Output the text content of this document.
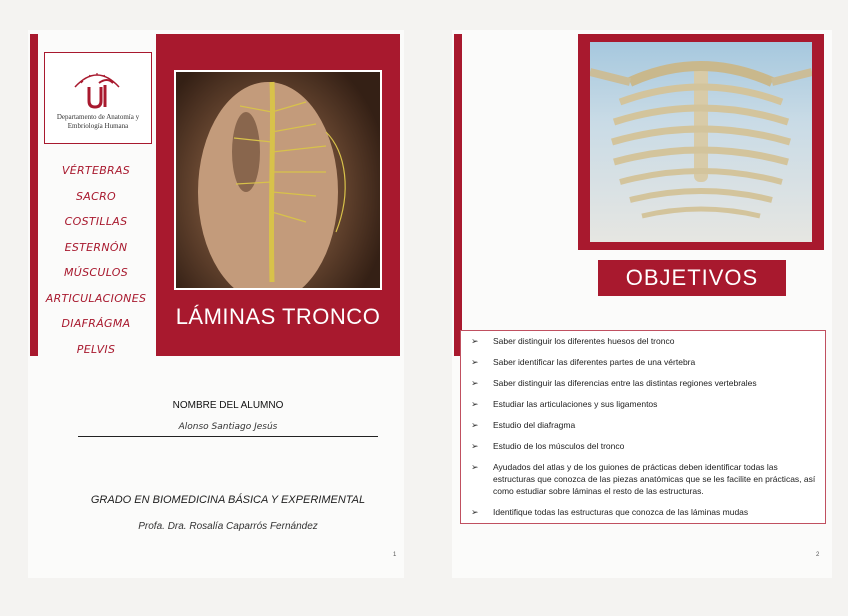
Departamento de Anatomía y
Embriología Humana
VÉRTEBRAS
SACRO
COSTILLAS
ESTERNÓN
MÚSCULOS
ARTICULACIONES
DIAFRÁGMA
PELVIS
LÁMINAS TRONCO
NOMBRE DEL ALUMNO
Alonso Santiago Jesús
GRADO EN BIOMEDICINA BÁSICA Y EXPERIMENTAL
Profa. Dra. Rosalía Caparrós Fernández
1
OBJETIVOS
➢ Saber distinguir los diferentes huesos del tronco
➢ Saber identificar las diferentes partes de una vértebra
➢ Saber distinguir las diferencias entre las distintas regiones vertebrales
➢ Estudiar las articulaciones y sus ligamentos
➢ Estudio del diafragma
➢ Estudio de los músculos del tronco
➢ Ayudados del atlas y de los guiones de prácticas deben identificar todas las estructuras que conozca de las piezas anatómicas que se les facilite en prácticas, así como estudiar sobre láminas el resto de las estructuras.
➢ Identifique todas las estructuras que conozca de las láminas mudas
2
